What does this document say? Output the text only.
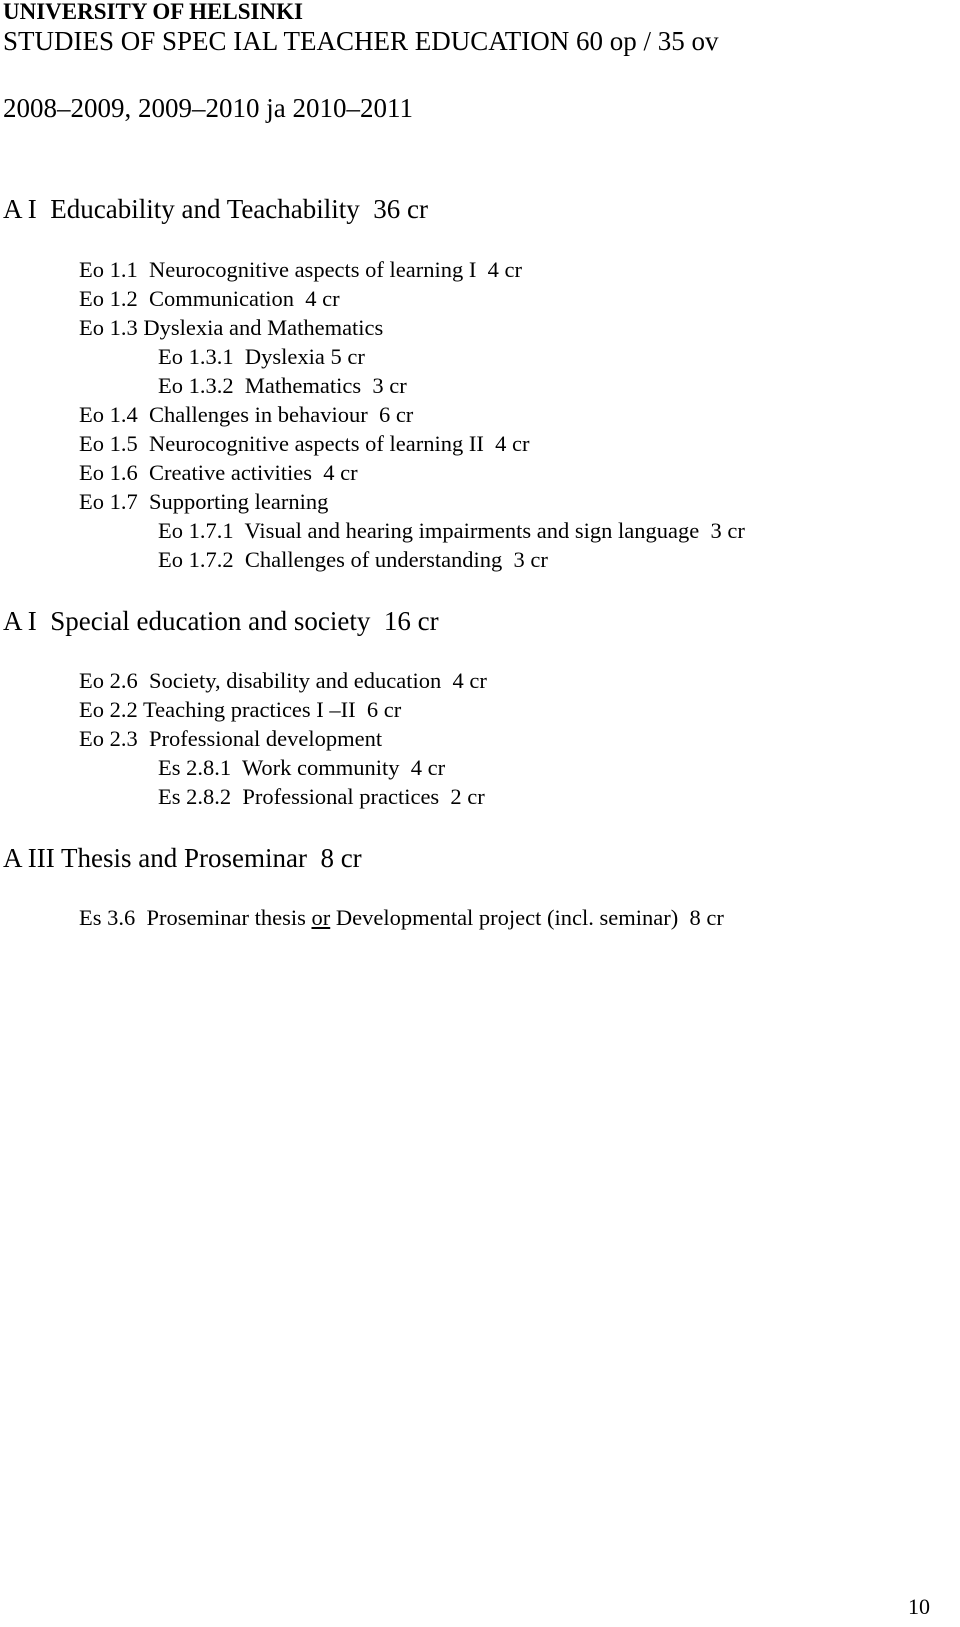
UNIVERSITY OF HELSINKI
STUDIES OF SPEC IAL TEACHER EDUCATION 60 op / 35 ov
2008–2009, 2009–2010 ja 2010–2011
A I  Educability and Teachability  36 cr
Eo 1.1  Neurocognitive aspects of learning I  4 cr
Eo 1.2  Communication  4 cr
Eo 1.3 Dyslexia and Mathematics
Eo 1.3.1  Dyslexia 5 cr
Eo 1.3.2  Mathematics  3 cr
Eo 1.4  Challenges in behaviour  6 cr
Eo 1.5  Neurocognitive aspects of learning II  4 cr
Eo 1.6  Creative activities  4 cr
Eo 1.7  Supporting learning
Eo 1.7.1  Visual and hearing impairments and sign language  3 cr
Eo 1.7.2  Challenges of understanding  3 cr
A I  Special education and society  16 cr
Eo 2.6  Society, disability and education  4 cr
Eo 2.2 Teaching practices I –II  6 cr
Eo 2.3  Professional development
Es 2.8.1  Work community  4 cr
Es 2.8.2  Professional practices  2 cr
A III Thesis and Proseminar  8 cr
Es 3.6  Proseminar thesis or Developmental project (incl. seminar)  8 cr
10
